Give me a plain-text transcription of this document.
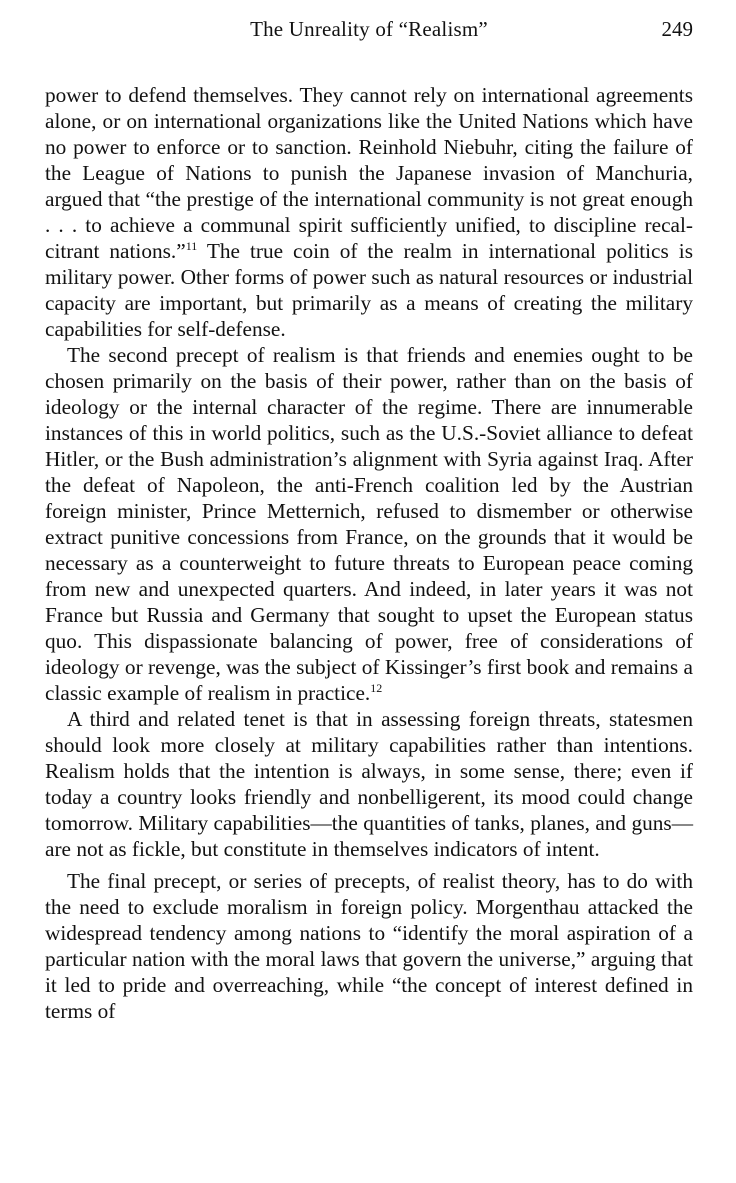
The Unreality of “Realism”	249

power to defend themselves. They cannot rely on international agreements alone, or on international organizations like the United Nations which have no power to enforce or to sanction. Reinhold Niebuhr, citing the failure of the League of Nations to punish the Japanese invasion of Manchuria, argued that “the prestige of the international community is not great enough . . . to achieve a communal spirit sufficiently unified, to discipline recalcitrant nations.”$^{11}$ The true coin of the realm in international politics is military power. Other forms of power such as natural resources or industrial capacity are important, but primarily as a means of creating the military capabilities for self-defense.

The second precept of realism is that friends and enemies ought to be chosen primarily on the basis of their power, rather than on the basis of ideology or the internal character of the regime. There are innumerable instances of this in world politics, such as the U.S.-Soviet alliance to defeat Hitler, or the Bush administration’s alignment with Syria against Iraq. After the defeat of Napoleon, the anti-French coalition led by the Austrian foreign minister, Prince Metternich, refused to dismember or otherwise extract punitive concessions from France, on the grounds that it would be necessary as a counterweight to future threats to European peace coming from new and unexpected quarters. And indeed, in later years it was not France but Russia and Germany that sought to upset the European status quo. This dispassionate balancing of power, free of considerations of ideology or revenge, was the subject of Kissinger’s first book and remains a classic example of realism in practice.$^{12}$

A third and related tenet is that in assessing foreign threats, statesmen should look more closely at military capabilities rather than intentions. Realism holds that the intention is always, in some sense, there; even if today a country looks friendly and nonbelligerent, its mood could change tomorrow. Military capabilities—the quantities of tanks, planes, and guns—are not as fickle, but constitute in themselves indicators of intent.

The final precept, or series of precepts, of realist theory, has to do with the need to exclude moralism in foreign policy. Morgenthau attacked the widespread tendency among nations to “identify the moral aspiration of a particular nation with the moral laws that govern the universe,” arguing that it led to pride and overreaching, while “the concept of interest defined in terms of
